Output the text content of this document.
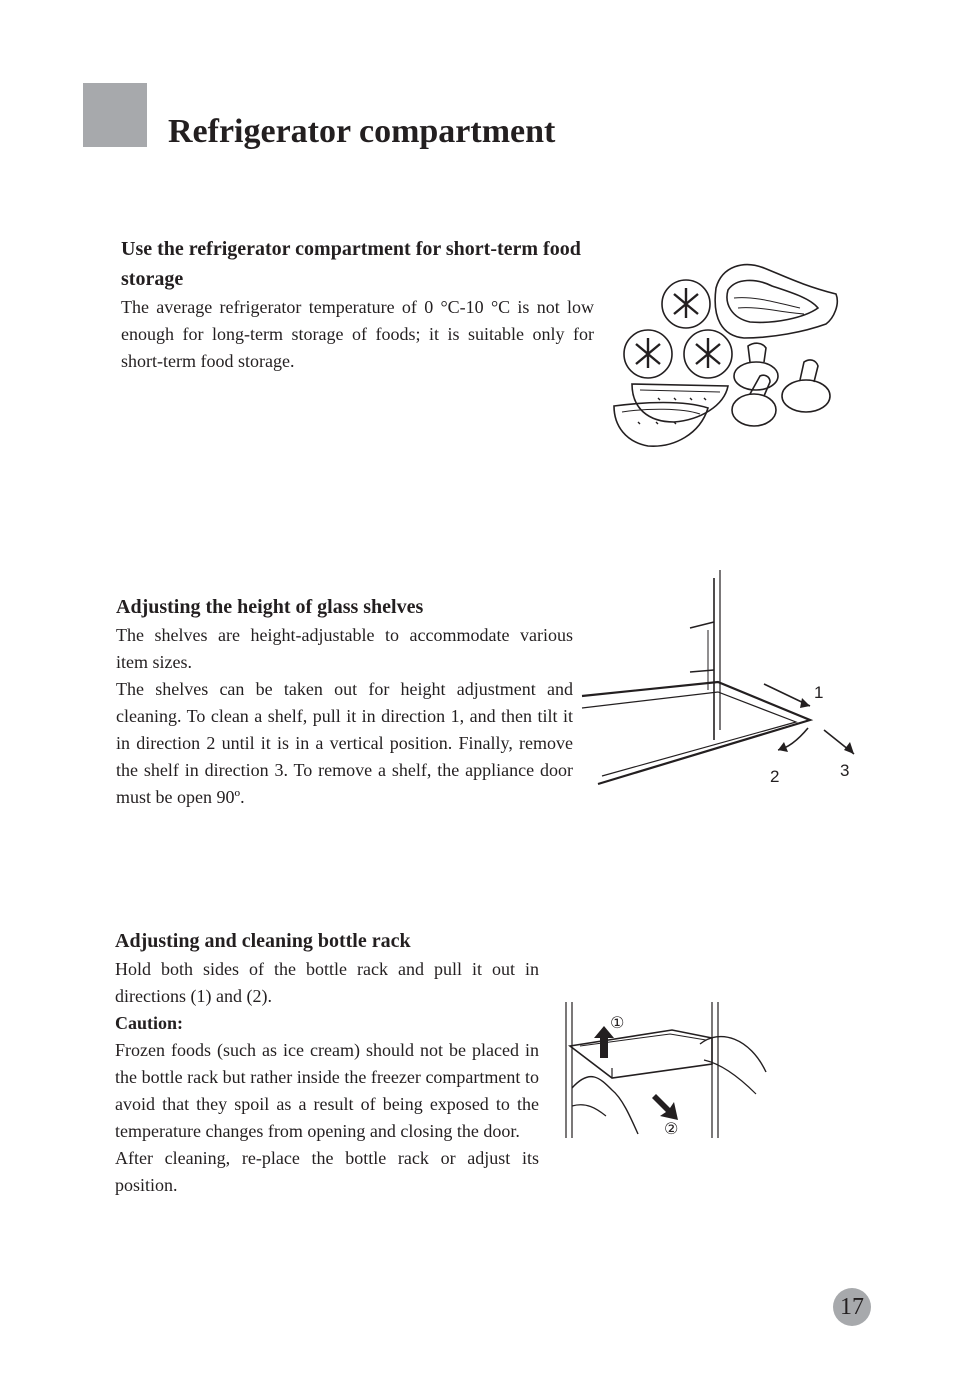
Refrigerator compartment
Use the refrigerator compartment for short-term food storage

The average refrigerator temperature of 0 °C-10 °C is not low enough for long-term storage of foods; it is suitable only for short-term food storage.

Adjusting the height of glass shelves

The shelves are height-adjustable to accommodate various item sizes.

The shelves can be taken out for height adjustment and cleaning. To clean a shelf, pull it in direction 1, and then tilt it in direction 2 until it is in a vertical position. Finally, remove the shelf in direction 3. To remove a shelf, the appliance door must be open 90º.

1
2	3
Adjusting and cleaning bottle rack

Hold both sides of the bottle rack and pull it out in directions (1) and (2).

Caution:

Frozen foods (such as ice cream) should not be placed in the bottle rack but rather inside the freezer compartment to avoid that they spoil as a result of being exposed to the temperature changes from opening and closing the door.

After cleaning, re-place the bottle rack or adjust its position.

①
②
17
